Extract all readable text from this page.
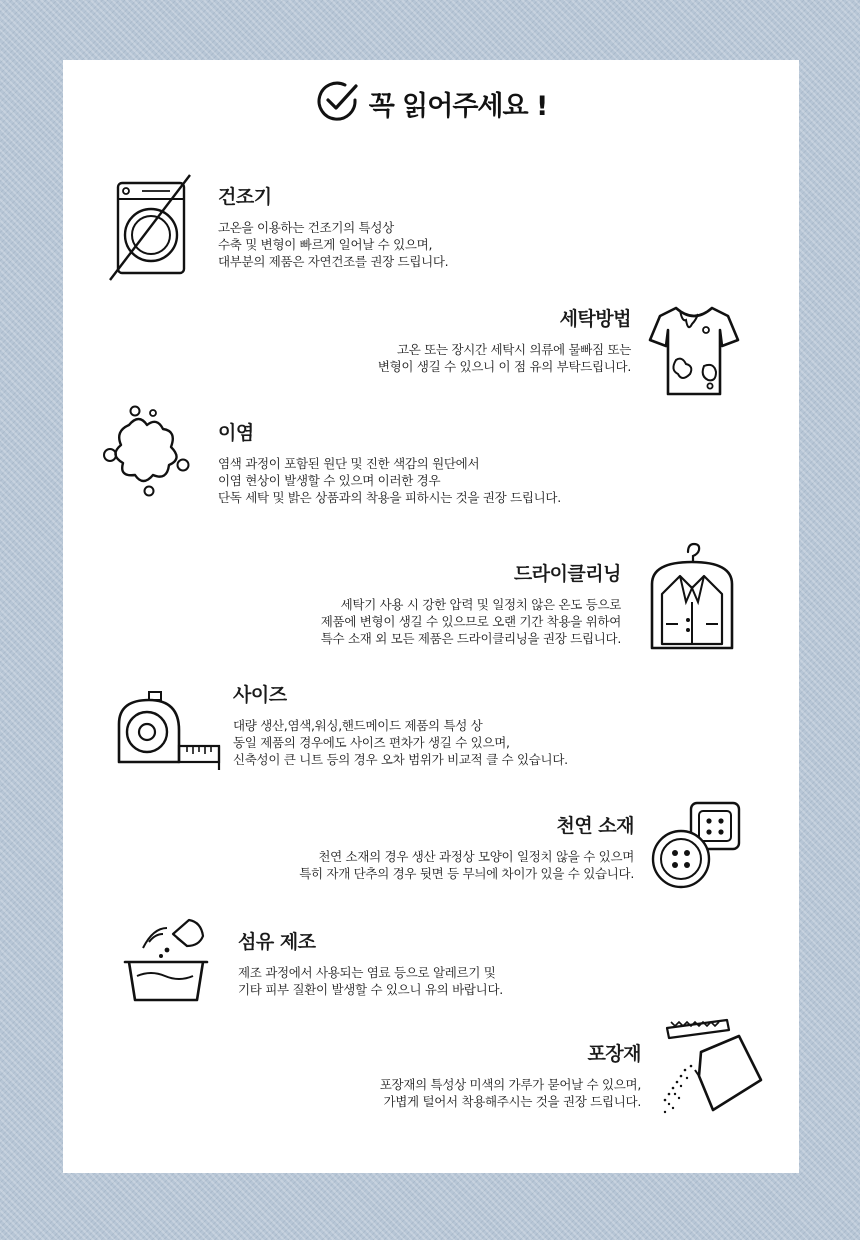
꼭 읽어주세요 !
건조기

고온을 이용하는 건조기의 특성상
수축 및 변형이 빠르게 일어날 수 있으며,
대부분의 제품은 자연건조를 권장 드립니다.

세탁방법

고온 또는 장시간 세탁시 의류에 물빠짐 또는
변형이 생길 수 있으니 이 점 유의 부탁드립니다.

이염

염색 과정이 포함된 원단 및 진한 색감의 원단에서
이염 현상이 발생할 수 있으며 이러한 경우
단독 세탁 및 밝은 상품과의 착용을 피하시는 것을 권장 드립니다.

드라이클리닝

세탁기 사용 시 강한 압력 및 일정치 않은 온도 등으로
제품에 변형이 생길 수 있으므로 오랜 기간 착용을 위하여
특수 소재 외 모든 제품은 드라이클리닝을 권장 드립니다.

사이즈

대량 생산,염색,워싱,핸드메이드 제품의 특성 상
동일 제품의 경우에도 사이즈 편차가 생길 수 있으며,
신축성이 큰 니트 등의 경우 오차 범위가 비교적 클 수 있습니다.

천연 소재

천연 소재의 경우 생산 과정상 모양이 일정치 않을 수 있으며
특히 자개 단추의 경우 뒷면 등 무늬에 차이가 있을 수 있습니다.

섬유 제조

제조 과정에서 사용되는 염료 등으로 알레르기 및
기타 피부 질환이 발생할 수 있으니 유의 바랍니다.

포장재

포장재의 특성상 미색의 가루가 묻어날 수 있으며,
가볍게 털어서 착용해주시는 것을 권장 드립니다.
